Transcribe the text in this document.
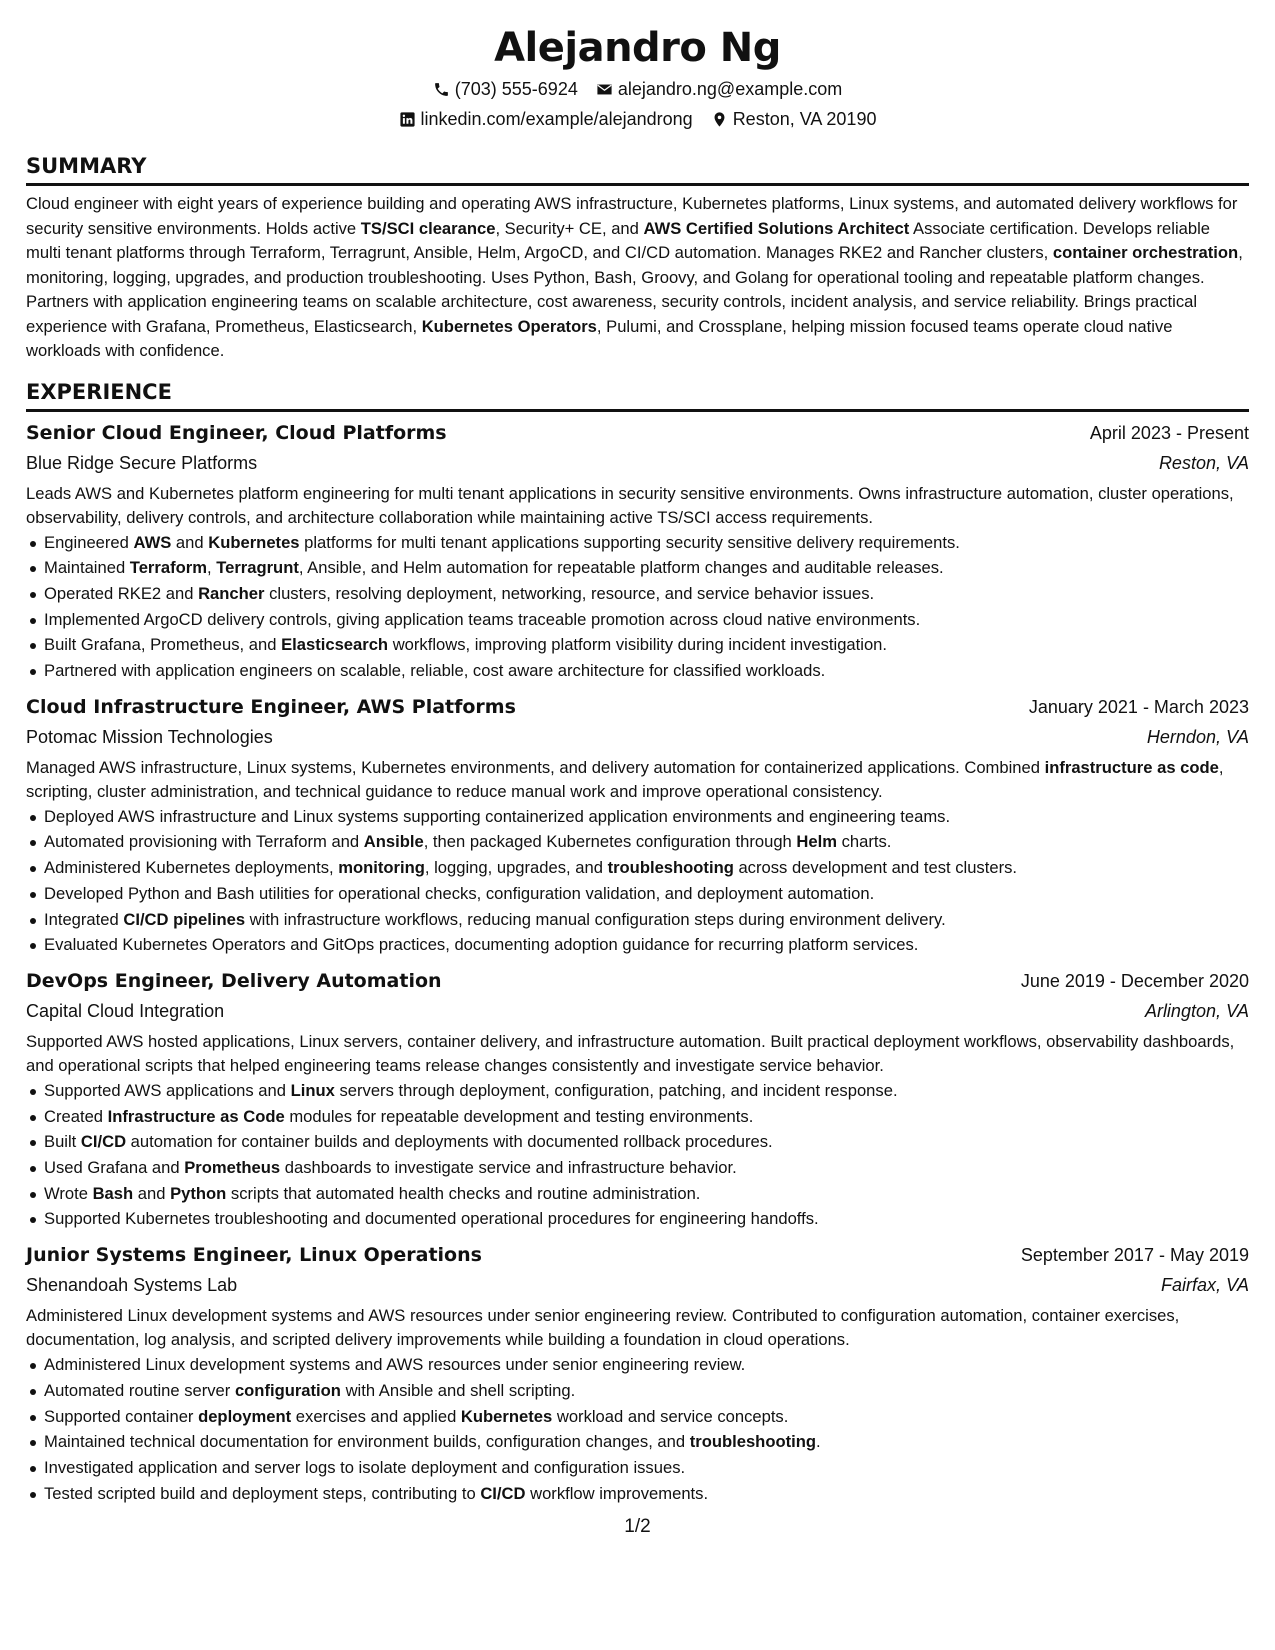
Alejandro Ng
(703) 555-6924 alejandro.ng@example.com
linkedin.com/example/alejandrong Reston, VA 20190
SUMMARY

Cloud engineer with eight years of experience building and operating AWS infrastructure, Kubernetes platforms, Linux systems, and automated delivery workflows for security sensitive environments. Holds active TS/SCI clearance, Security+ CE, and AWS Certified Solutions Architect Associate certification. Develops reliable multi tenant platforms through Terraform, Terragrunt, Ansible, Helm, ArgoCD, and CI/CD automation. Manages RKE2 and Rancher clusters, container orchestration, monitoring, logging, upgrades, and production troubleshooting. Uses Python, Bash, Groovy, and Golang for operational tooling and repeatable platform changes. Partners with application engineering teams on scalable architecture, cost awareness, security controls, incident analysis, and service reliability. Brings practical experience with Grafana, Prometheus, Elasticsearch, Kubernetes Operators, Pulumi, and Crossplane, helping mission focused teams operate cloud native workloads with confidence.

EXPERIENCE
Senior Cloud Engineer, Cloud Platforms	April 2023 - Present
Blue Ridge Secure Platforms	Reston, VA

Leads AWS and Kubernetes platform engineering for multi tenant applications in security sensitive environments. Owns infrastructure automation, cluster operations, observability, delivery controls, and architecture collaboration while maintaining active TS/SCI access requirements.

Engineered AWS and Kubernetes platforms for multi tenant applications supporting security sensitive delivery requirements.
Maintained Terraform, Terragrunt, Ansible, and Helm automation for repeatable platform changes and auditable releases.
Operated RKE2 and Rancher clusters, resolving deployment, networking, resource, and service behavior issues.
Implemented ArgoCD delivery controls, giving application teams traceable promotion across cloud native environments.
Built Grafana, Prometheus, and Elasticsearch workflows, improving platform visibility during incident investigation.
Partnered with application engineers on scalable, reliable, cost aware architecture for classified workloads.
Cloud Infrastructure Engineer, AWS Platforms	January 2021 - March 2023
Potomac Mission Technologies	Herndon, VA

Managed AWS infrastructure, Linux systems, Kubernetes environments, and delivery automation for containerized applications. Combined infrastructure as code, scripting, cluster administration, and technical guidance to reduce manual work and improve operational consistency.

Deployed AWS infrastructure and Linux systems supporting containerized application environments and engineering teams.
Automated provisioning with Terraform and Ansible, then packaged Kubernetes configuration through Helm charts.
Administered Kubernetes deployments, monitoring, logging, upgrades, and troubleshooting across development and test clusters.
Developed Python and Bash utilities for operational checks, configuration validation, and deployment automation.
Integrated CI/CD pipelines with infrastructure workflows, reducing manual configuration steps during environment delivery.
Evaluated Kubernetes Operators and GitOps practices, documenting adoption guidance for recurring platform services.
DevOps Engineer, Delivery Automation	June 2019 - December 2020
Capital Cloud Integration	Arlington, VA

Supported AWS hosted applications, Linux servers, container delivery, and infrastructure automation. Built practical deployment workflows, observability dashboards, and operational scripts that helped engineering teams release changes consistently and investigate service behavior.

Supported AWS applications and Linux servers through deployment, configuration, patching, and incident response.
Created Infrastructure as Code modules for repeatable development and testing environments.
Built CI/CD automation for container builds and deployments with documented rollback procedures.
Used Grafana and Prometheus dashboards to investigate service and infrastructure behavior.
Wrote Bash and Python scripts that automated health checks and routine administration.
Supported Kubernetes troubleshooting and documented operational procedures for engineering handoffs.
Junior Systems Engineer, Linux Operations	September 2017 - May 2019
Shenandoah Systems Lab	Fairfax, VA

Administered Linux development systems and AWS resources under senior engineering review. Contributed to configuration automation, container exercises, documentation, log analysis, and scripted delivery improvements while building a foundation in cloud operations.

Administered Linux development systems and AWS resources under senior engineering review.
Automated routine server configuration with Ansible and shell scripting.
Supported container deployment exercises and applied Kubernetes workload and service concepts.
Maintained technical documentation for environment builds, configuration changes, and troubleshooting.
Investigated application and server logs to isolate deployment and configuration issues.
Tested scripted build and deployment steps, contributing to CI/CD workflow improvements.
1/2
